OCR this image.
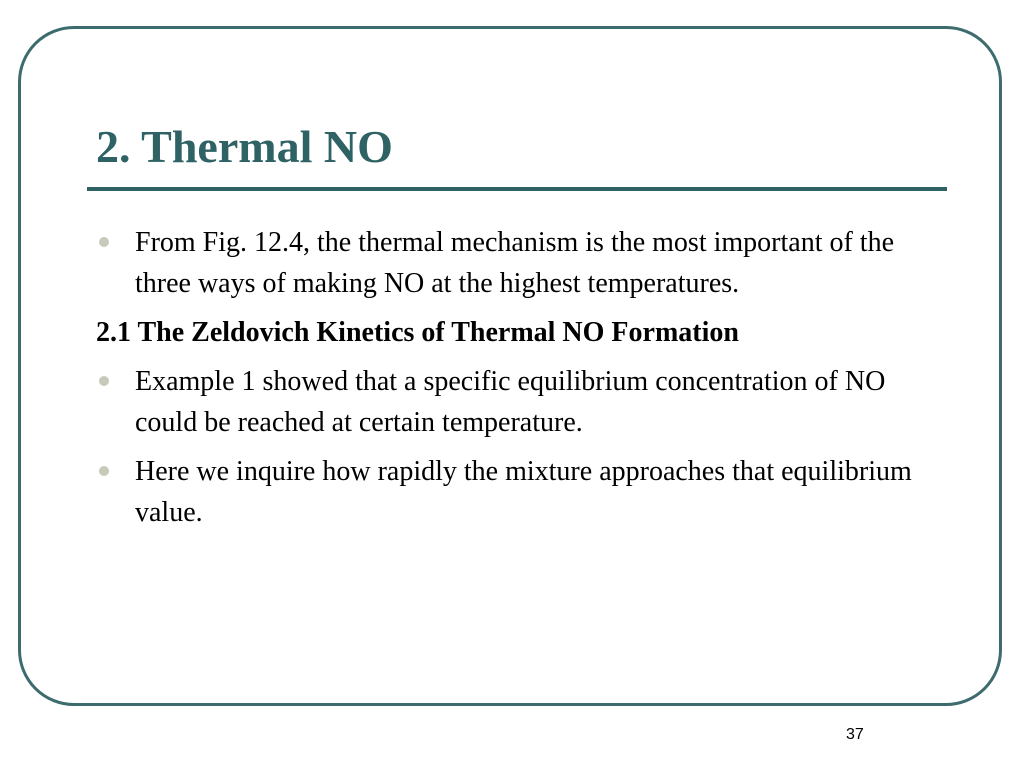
2. Thermal NO
From Fig. 12.4, the thermal mechanism is the most important of the three ways of making NO at the highest temperatures.
2.1 The Zeldovich Kinetics of Thermal NO Formation
Example 1 showed that a specific equilibrium concentration of NO could be reached at certain temperature.
Here we inquire how rapidly the mixture approaches that equilibrium value.
37
